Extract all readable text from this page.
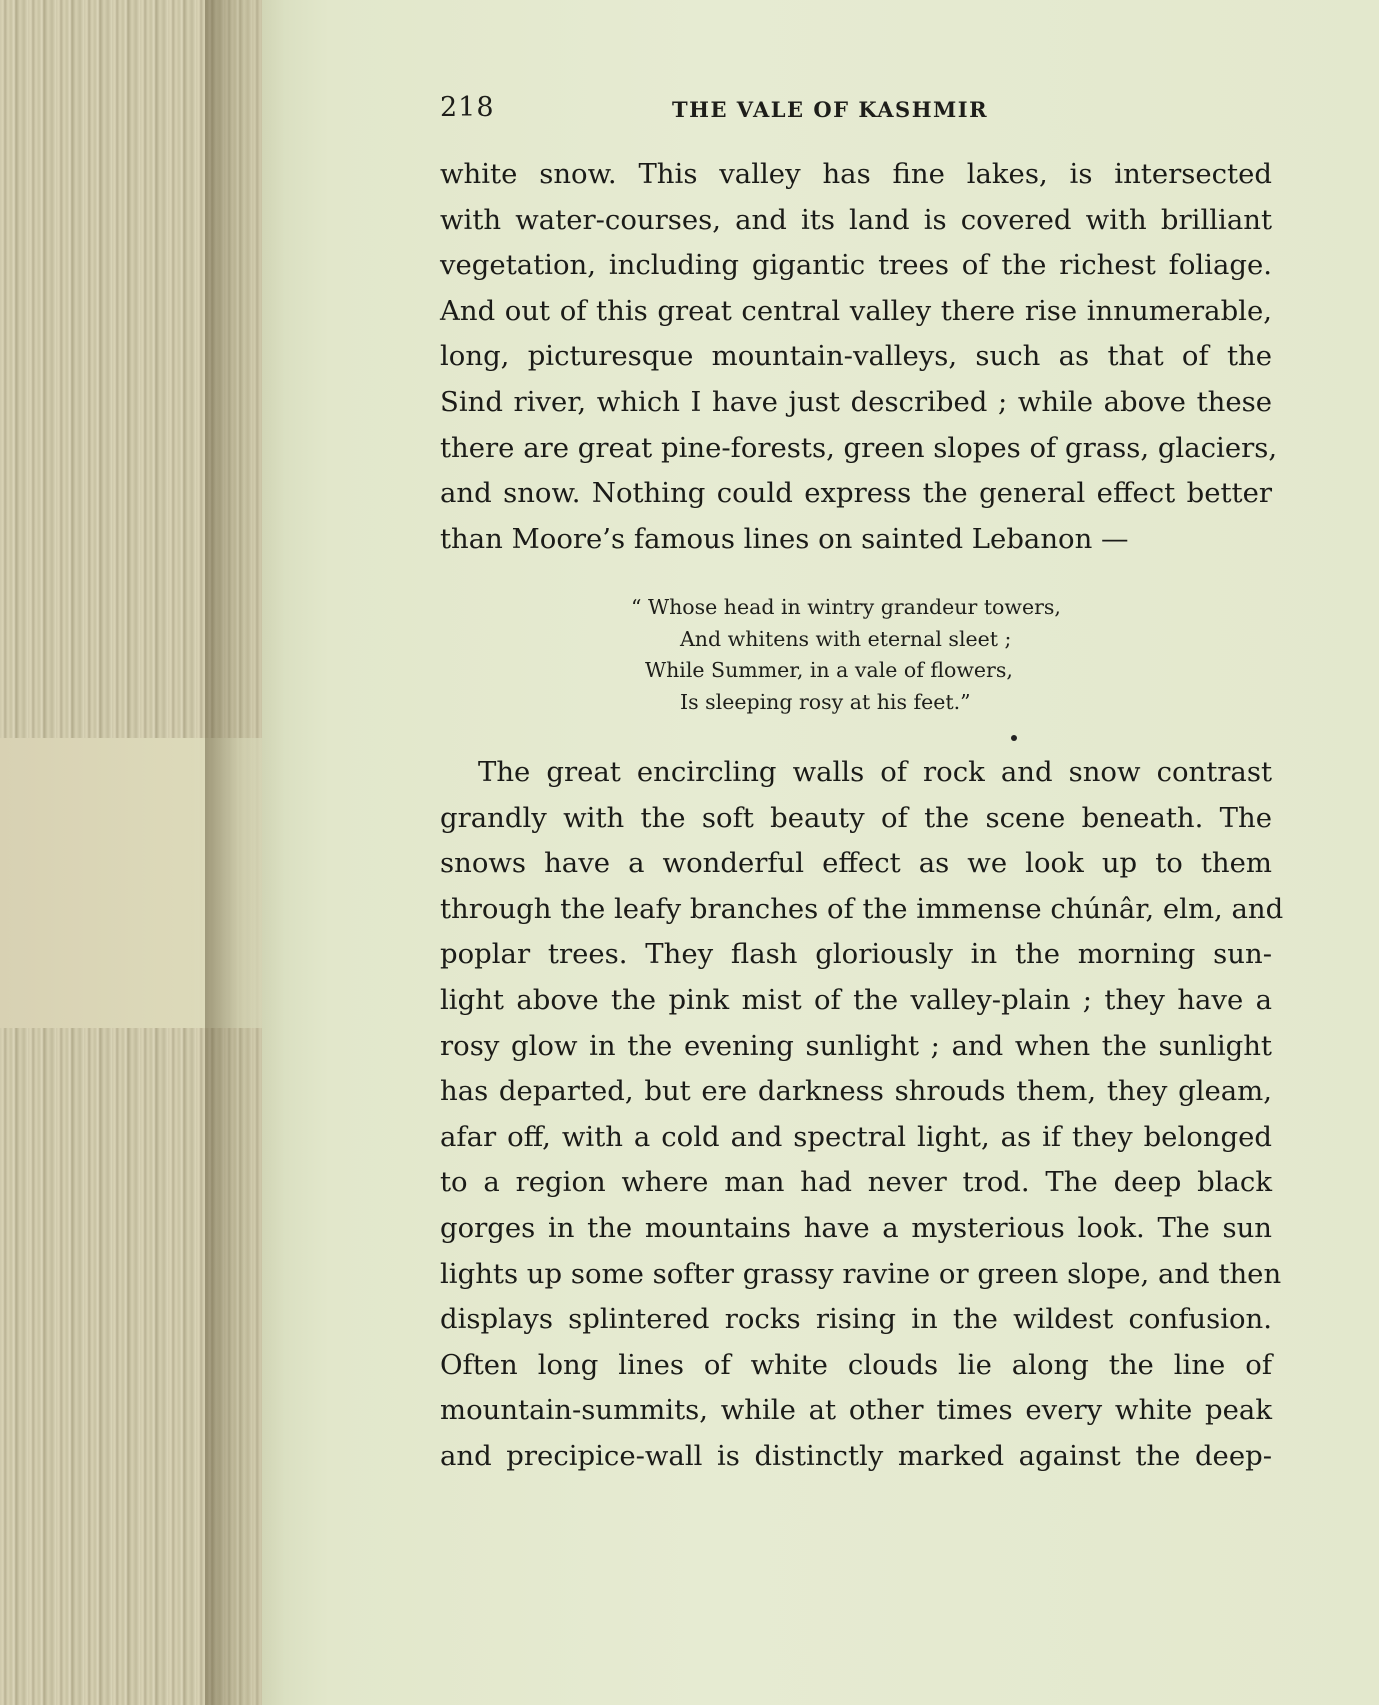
218	THE VALE OF KASHMIR
white snow. This valley has fine lakes, is intersected
with water-courses, and its land is covered with brilliant
vegetation, including gigantic trees of the richest foliage.
And out of this great central valley there rise innumerable,
long, picturesque mountain-valleys, such as that of the
Sind river, which I have just described ; while above these
there are great pine-forests, green slopes of grass, glaciers,
and snow. Nothing could express the general effect better
than Moore’s famous lines on sainted Lebanon —
“ Whose head in wintry grandeur towers,
And whitens with eternal sleet ;
While Summer, in a vale of flowers,
Is sleeping rosy at his feet.”
The great encircling walls of rock and snow contrast
grandly with the soft beauty of the scene beneath. The
snows have a wonderful effect as we look up to them
through the leafy branches of the immense chúnâr, elm, and
poplar trees. They flash gloriously in the morning sun-
light above the pink mist of the valley-plain ; they have a
rosy glow in the evening sunlight ; and when the sunlight
has departed, but ere darkness shrouds them, they gleam,
afar off, with a cold and spectral light, as if they belonged
to a region where man had never trod. The deep black
gorges in the mountains have a mysterious look. The sun
lights up some softer grassy ravine or green slope, and then
displays splintered rocks rising in the wildest confusion.
Often long lines of white clouds lie along the line of
mountain-summits, while at other times every white peak
and precipice-wall is distinctly marked against the deep-
